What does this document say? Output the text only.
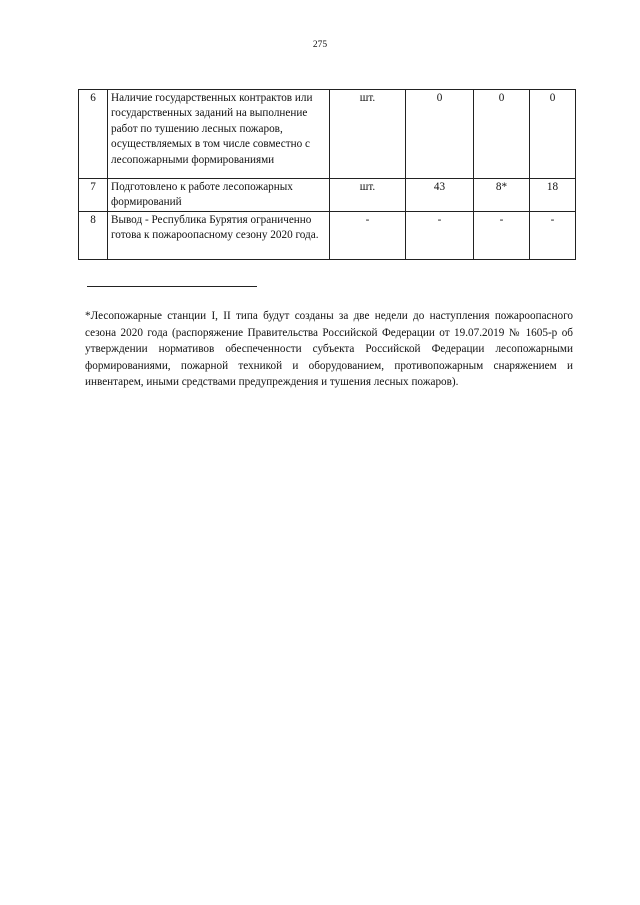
275
6	Наличие государственных контрактов или государственных заданий на выполнение работ по тушению лесных пожаров, осуществляемых в том числе совместно с лесопожарными формированиями	шт.	0	0	0
7	Подготовлено к работе лесопожарных формирований	шт.	43	8*	18
8	Вывод - Республика Бурятия ограниченно готова к пожароопасному сезону 2020 года.	-	-	-	-
*Лесопожарные станции I, II типа будут созданы за две недели до наступления пожароопасного сезона 2020 года (распоряжение Правительства Российской Федерации от 19.07.2019 № 1605-р об утверждении нормативов обеспеченности субъекта Российской Федерации лесопожарными формированиями, пожарной техникой и оборудованием, противопожарным снаряжением и инвентарем, иными средствами предупреждения и тушения лесных пожаров).
